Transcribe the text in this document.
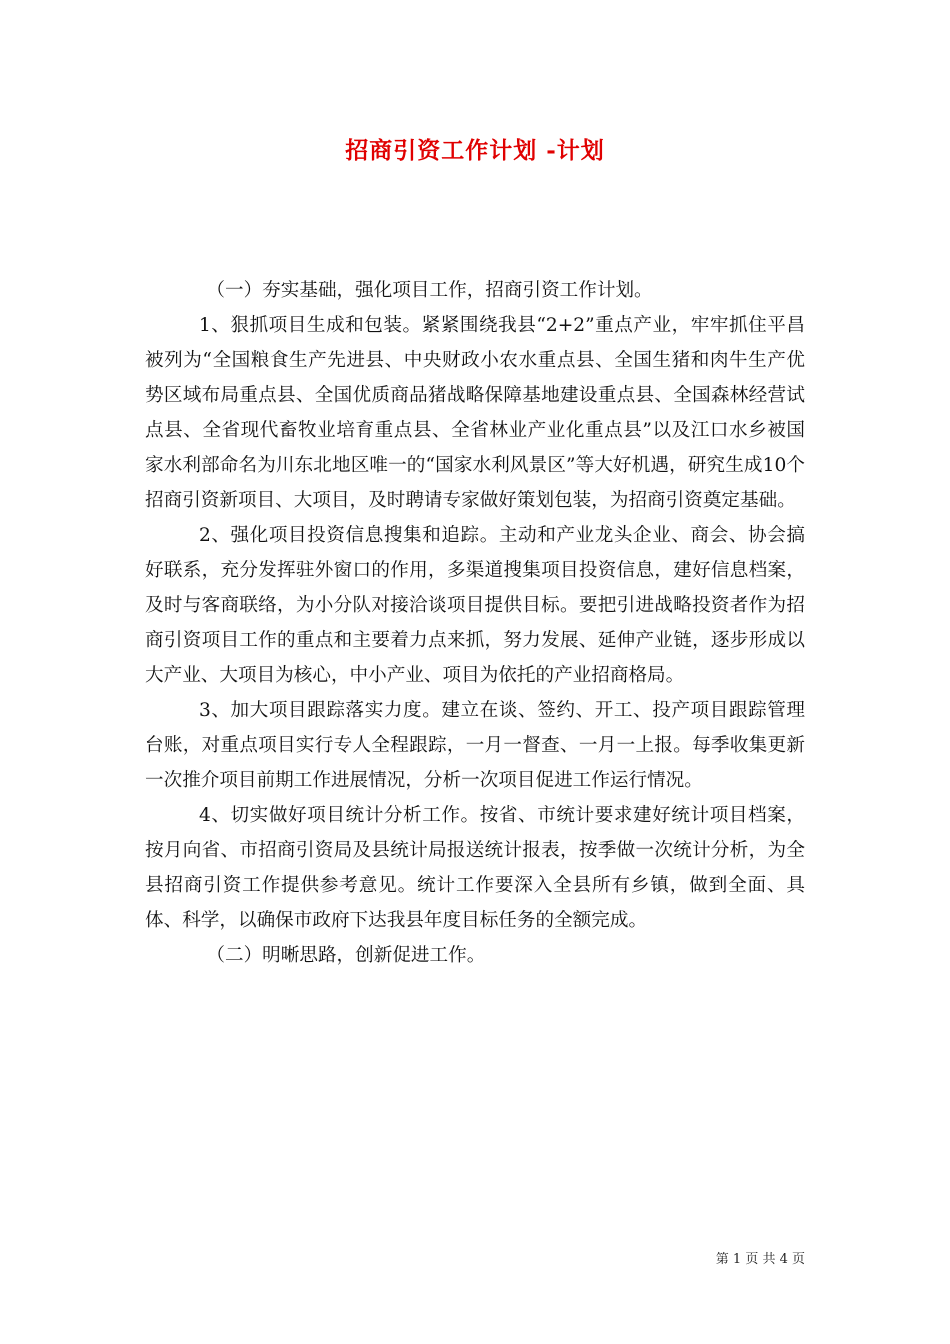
招商引资工作计划 -计划

（一）夯实基础，强化项目工作，招商引资工作计划。

1、狠抓项目生成和包装。紧紧围绕我县“2+2”重点产业，牢牢抓住平昌被列为“全国粮食生产先进县、中央财政小农水重点县、全国生猪和肉牛生产优势区域布局重点县、全国优质商品猪战略保障基地建设重点县、全国森林经营试点县、全省现代畜牧业培育重点县、全省林业产业化重点县”以及江口水乡被国家水利部命名为川东北地区唯一的“国家水利风景区”等大好机遇，研究生成10个招商引资新项目、大项目，及时聘请专家做好策划包装，为招商引资奠定基础。

2、强化项目投资信息搜集和追踪。主动和产业龙头企业、商会、协会搞好联系，充分发挥驻外窗口的作用，多渠道搜集项目投资信息，建好信息档案，及时与客商联络，为小分队对接洽谈项目提供目标。要把引进战略投资者作为招商引资项目工作的重点和主要着力点来抓，努力发展、延伸产业链，逐步形成以大产业、大项目为核心，中小产业、项目为依托的产业招商格局。

3、加大项目跟踪落实力度。建立在谈、签约、开工、投产项目跟踪管理台账，对重点项目实行专人全程跟踪，一月一督查、一月一上报。每季收集更新一次推介项目前期工作进展情况，分析一次项目促进工作运行情况。

4、切实做好项目统计分析工作。按省、市统计要求建好统计项目档案，按月向省、市招商引资局及县统计局报送统计报表，按季做一次统计分析，为全县招商引资工作提供参考意见。统计工作要深入全县所有乡镇，做到全面、具体、科学，以确保市政府下达我县年度目标任务的全额完成。

（二）明晰思路，创新促进工作。

第 1 页 共 4 页
